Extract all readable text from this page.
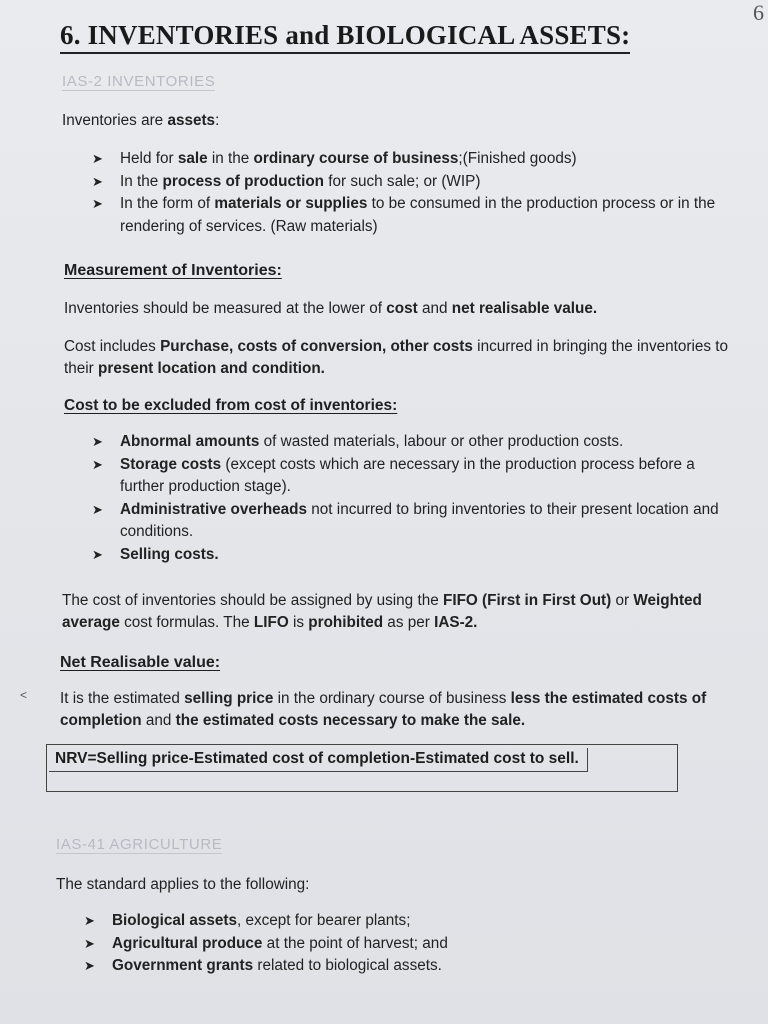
6
6. INVENTORIES and BIOLOGICAL ASSETS:
IAS-2 INVENTORIES
Inventories are assets:
➤	Held for sale in the ordinary course of business;(Finished goods)
➤	In the process of production for such sale; or (WIP)
➤	In the form of materials or supplies to be consumed in the production process or in the rendering of services. (Raw materials)
Measurement of Inventories:
Inventories should be measured at the lower of cost and net realisable value.
Cost includes Purchase, costs of conversion, other costs incurred in bringing the inventories to their present location and condition.
Cost to be excluded from cost of inventories:
➤	Abnormal amounts of wasted materials, labour or other production costs.
➤	Storage costs (except costs which are necessary in the production process before a further production stage).
➤	Administrative overheads not incurred to bring inventories to their present location and conditions.
➤	Selling costs.
The cost of inventories should be assigned by using the FIFO (First in First Out) or Weighted average cost formulas. The LIFO is prohibited as per IAS-2.
Net Realisable value:
˂ It is the estimated selling price in the ordinary course of business less the estimated costs of completion and the estimated costs necessary to make the sale.
NRV=Selling price-Estimated cost of completion-Estimated cost to sell.
IAS-41 AGRICULTURE
The standard applies to the following:
➤	Biological assets, except for bearer plants;
➤	Agricultural produce at the point of harvest; and
➤	Government grants related to biological assets.
